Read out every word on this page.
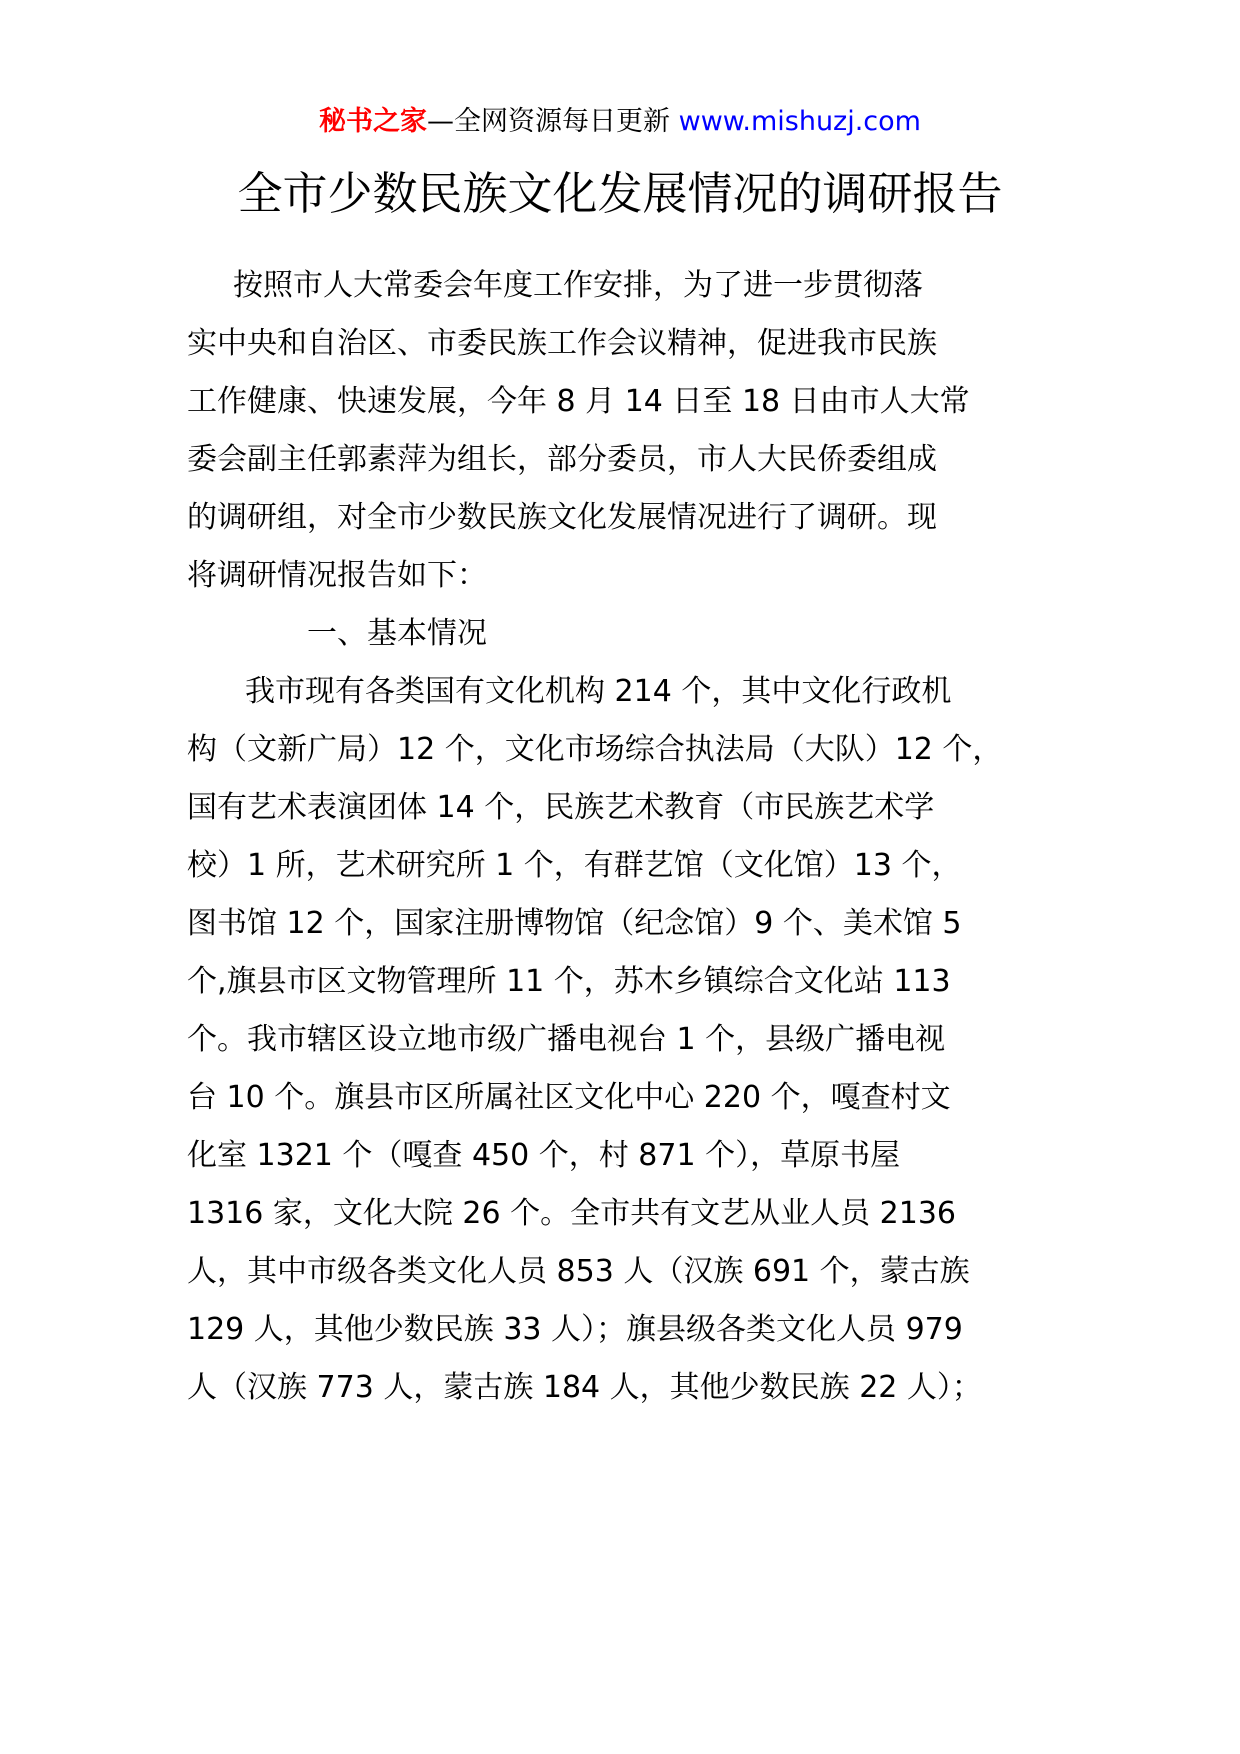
秘书之家—全网资源每日更新 www.mishuzj.com
全市少数民族文化发展情况的调研报告
按照市人大常委会年度工作安排，为了进一步贯彻落
实中央和自治区、市委民族工作会议精神，促进我市民族
工作健康、快速发展，今年 8 月 14 日至 18 日由市人大常
委会副主任郭素萍为组长，部分委员，市人大民侨委组成
的调研组，对全市少数民族文化发展情况进行了调研。现
将调研情况报告如下：
一、基本情况
我市现有各类国有文化机构 214 个，其中文化行政机
构（文新广局）12 个，文化市场综合执法局（大队）12 个，
国有艺术表演团体 14 个，民族艺术教育（市民族艺术学
校）1 所，艺术研究所 1 个，有群艺馆（文化馆）13 个，
图书馆 12 个，国家注册博物馆（纪念馆）9 个、美术馆 5
个,旗县市区文物管理所 11 个，苏木乡镇综合文化站 113
个。我市辖区设立地市级广播电视台 1 个，县级广播电视
台 10 个。旗县市区所属社区文化中心 220 个，嘎查村文
化室 1321 个（嘎查 450 个，村 871 个），草原书屋
1316 家，文化大院 26 个。全市共有文艺从业人员 2136
人，其中市级各类文化人员 853 人（汉族 691 个，蒙古族
129 人，其他少数民族 33 人）；旗县级各类文化人员 979
人（汉族 773 人，蒙古族 184 人，其他少数民族 22 人）；
